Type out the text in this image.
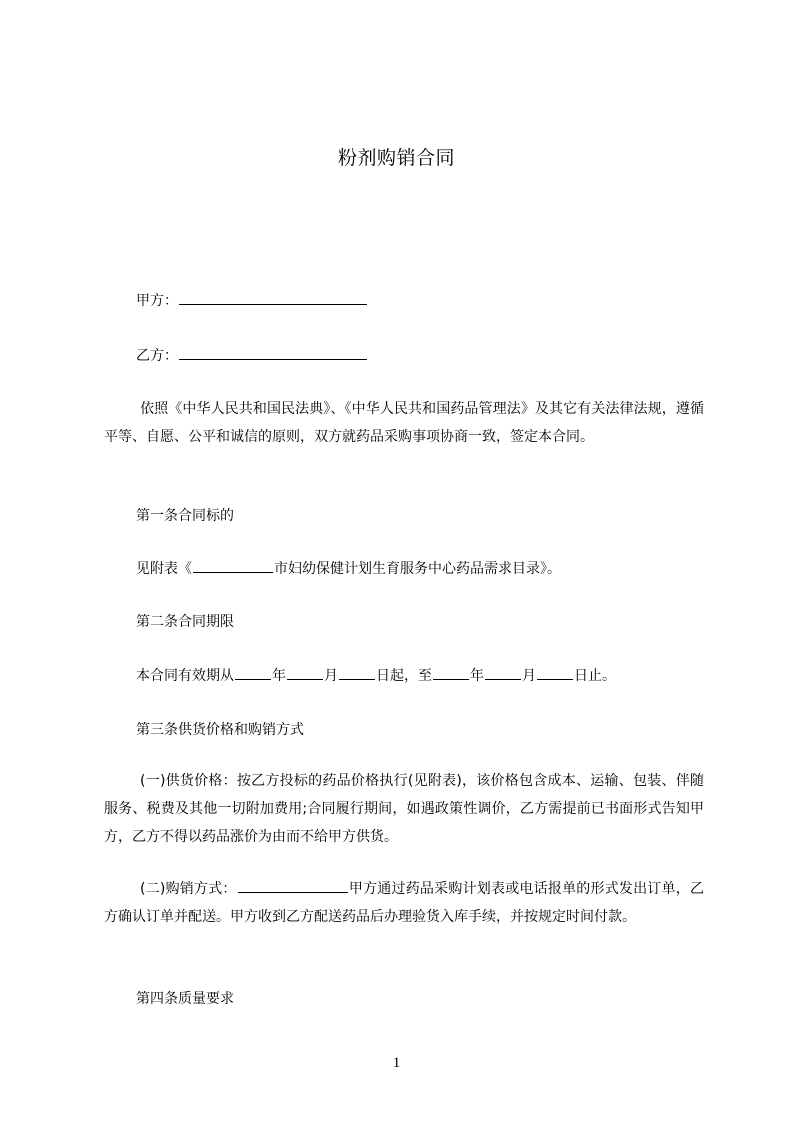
粉剂购销合同
甲方：
乙方：
依照《中华人民共和国民法典》、《中华人民共和国药品管理法》及其它有关法律法规，遵循平等、自愿、公平和诚信的原则，双方就药品采购事项协商一致，签定本合同。
第一条合同标的
见附表《	市妇幼保健计划生育服务中心药品需求目录》。
第二条合同期限
本合同有效期从	年	月	日起，至	年	月	日止。
第三条供货价格和购销方式
(一)供货价格：按乙方投标的药品价格执行(见附表)，该价格包含成本、运输、包装、伴随服务、税费及其他一切附加费用;合同履行期间，如遇政策性调价，乙方需提前已书面形式告知甲方，乙方不得以药品涨价为由而不给甲方供货。
(二)购销方式：	甲方通过药品采购计划表或电话报单的形式发出订单，乙方确认订单并配送。甲方收到乙方配送药品后办理验货入库手续，并按规定时间付款。
第四条质量要求
1
